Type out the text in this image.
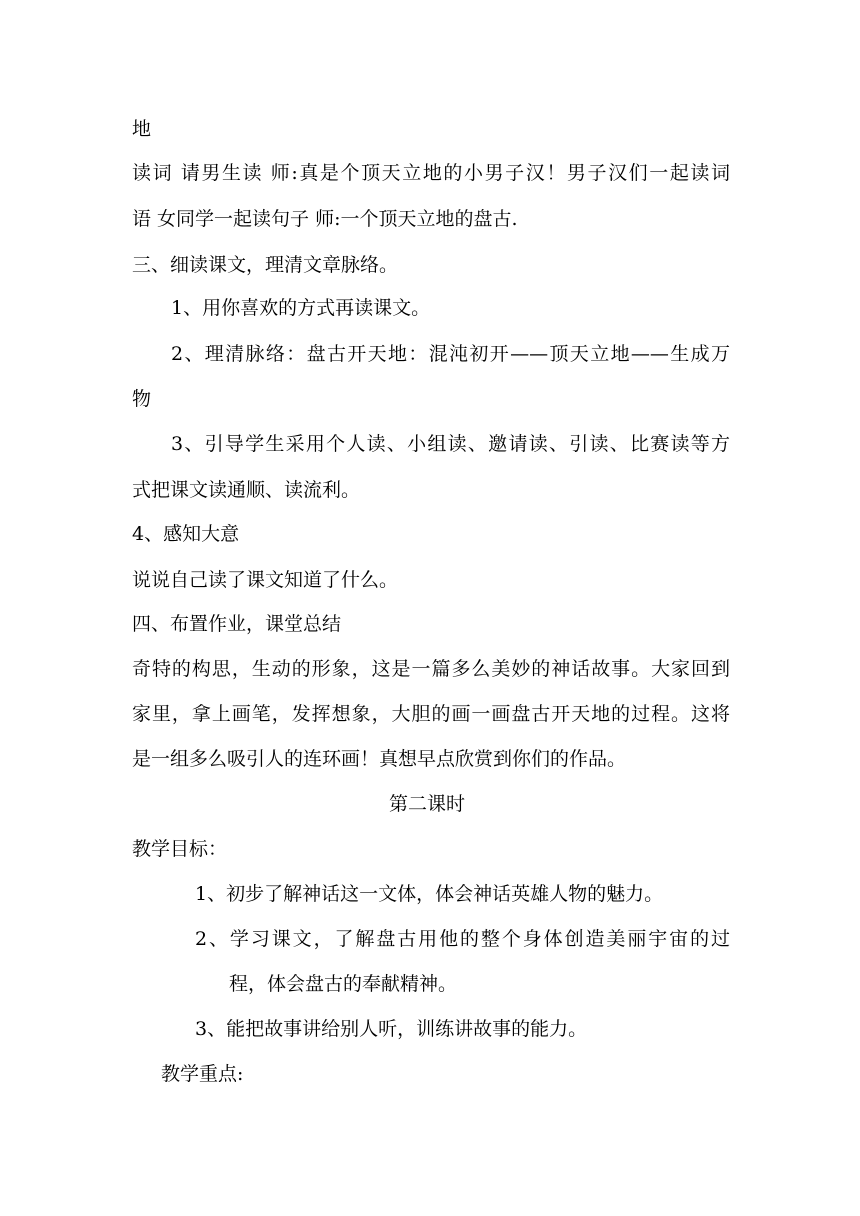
地
读词 请男生读 师:真是个顶天立地的小男子汉！男子汉们一起读词
语 女同学一起读句子 师:一个顶天立地的盘古.
三、细读课文，理清文章脉络。
1、用你喜欢的方式再读课文。
2、理清脉络：盘古开天地：混沌初开——顶天立地——生成万
物
3、引导学生采用个人读、小组读、邀请读、引读、比赛读等方
式把课文读通顺、读流利。
4、感知大意
说说自己读了课文知道了什么。
四、布置作业，课堂总结
奇特的构思，生动的形象，这是一篇多么美妙的神话故事。大家回到
家里，拿上画笔，发挥想象，大胆的画一画盘古开天地的过程。这将
是一组多么吸引人的连环画！真想早点欣赏到你们的作品。
第二课时
教学目标：
1、初步了解神话这一文体，体会神话英雄人物的魅力。
2、学习课文，了解盘古用他的整个身体创造美丽宇宙的过
程，体会盘古的奉献精神。
3、能把故事讲给别人听，训练讲故事的能力。
教学重点:
